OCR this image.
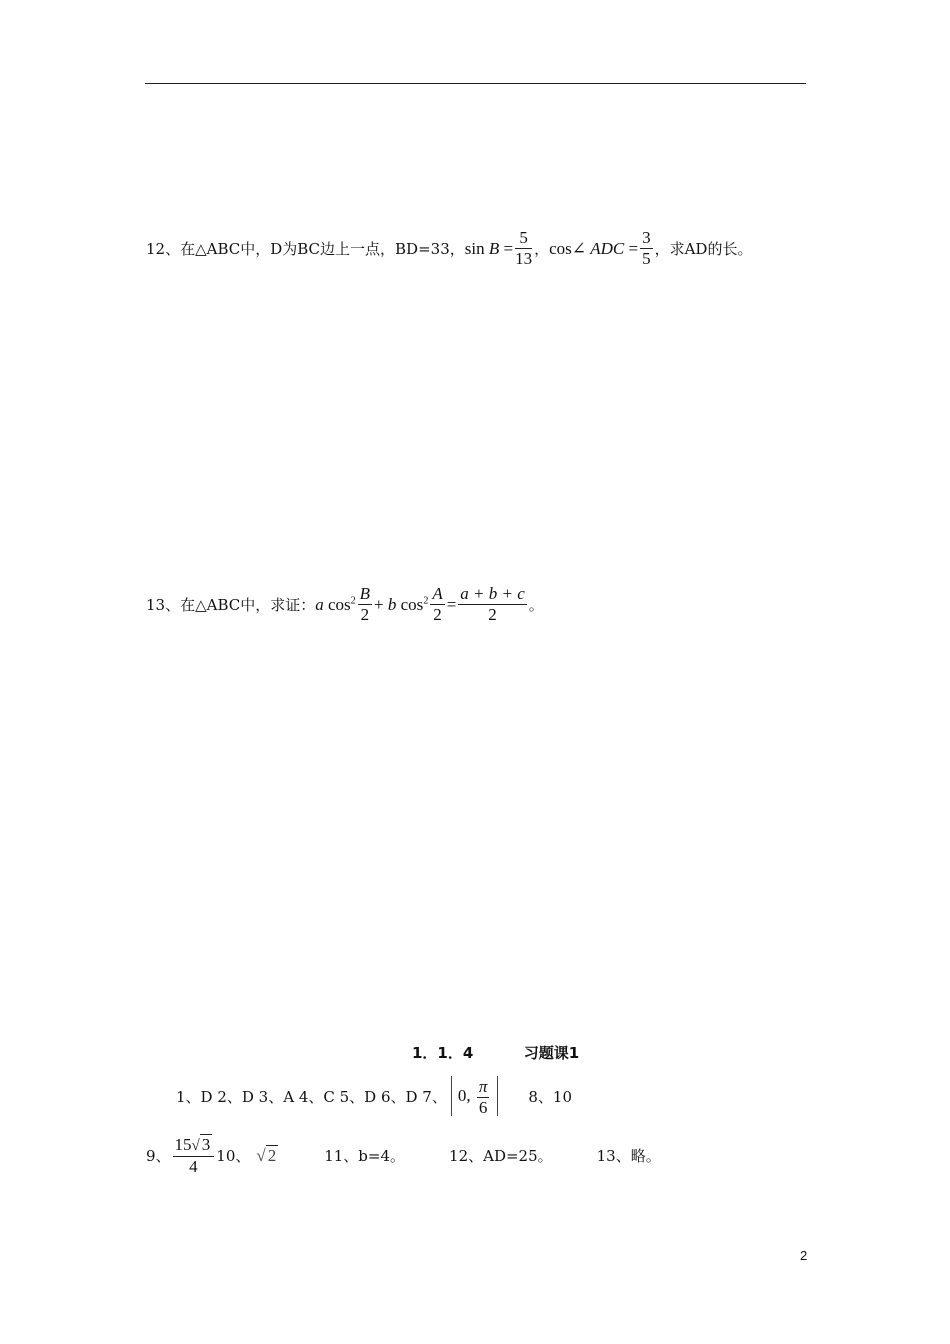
12、在△ABC中，D为BC边上一点，BD=33， $\sin B = \frac{5}{13}$ ， cos∠ ADC = $\frac{3}{5}$ ，求AD的长。
13、在△ABC中，求证： a $\cos^2 \frac{B}{2} + b$ $\cos^2 \frac{A}{2} = \frac{a + b + c}{2}$ 。
1．1．4	习题课1
1、D 2、D 3、A 4、C 5、D 6、D 7、 0, $\frac{\pi}{6}$	8、10
9、 $\frac{15√ 3}{4} 10$、 √ 2	11、b=4。	12、AD=25。	13、略。
2
